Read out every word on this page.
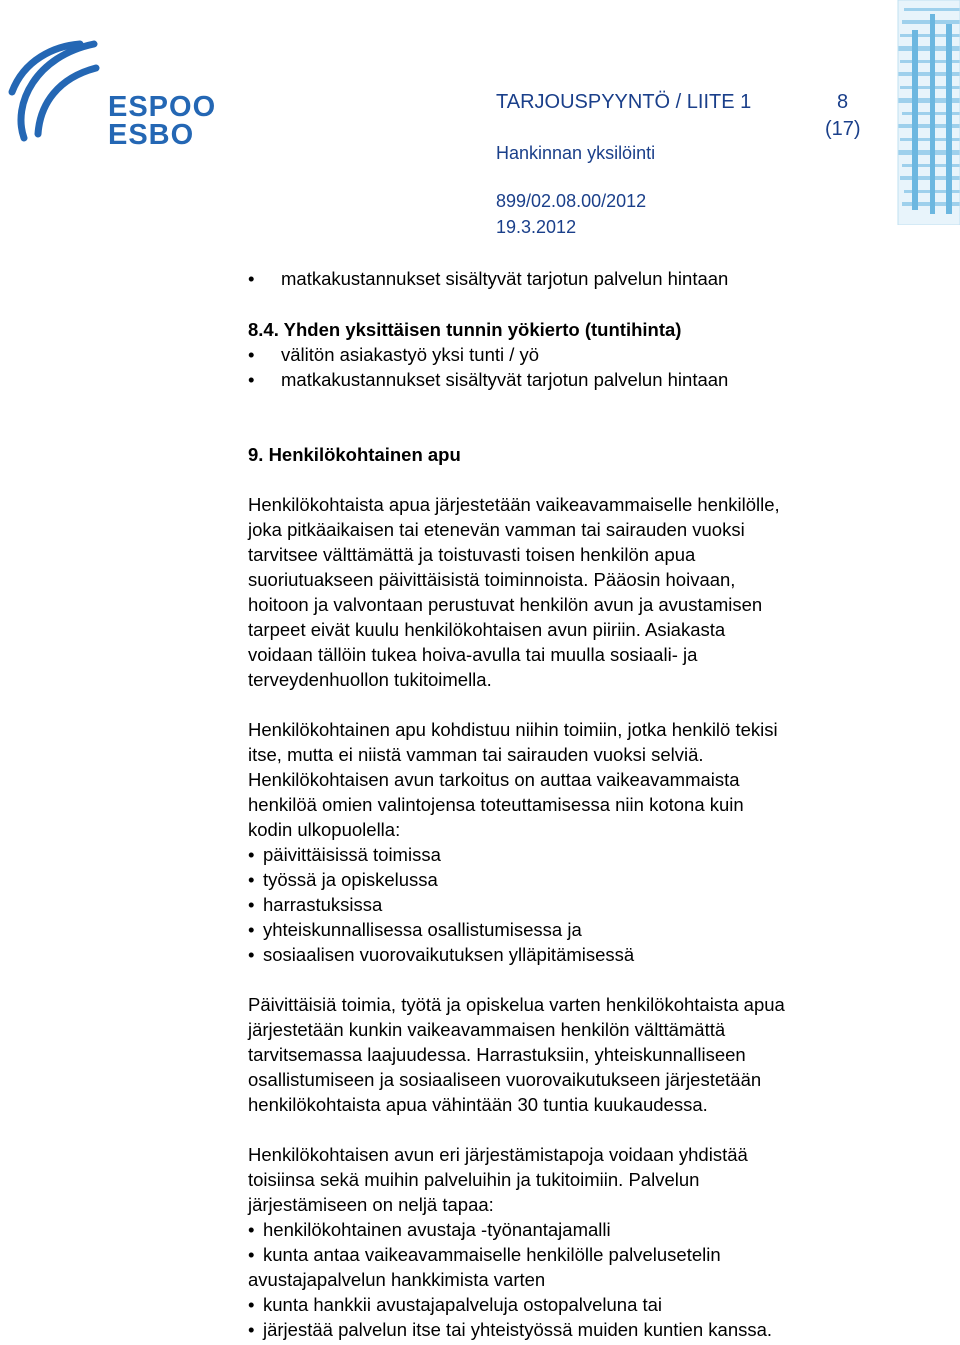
ESPOO
ESBO
TARJOUSPYYNTÖ / LIITE 1	8
(17)
Hankinnan yksilöinti
899/02.08.00/2012
19.3.2012
• matkakustannukset sisältyvät tarjotun palvelun hintaan
8.4. Yhden yksittäisen tunnin yökierto (tuntihinta)
• välitön asiakastyö yksi tunti / yö
• matkakustannukset sisältyvät tarjotun palvelun hintaan
9. Henkilökohtainen apu
Henkilökohtaista apua järjestetään vaikeavammaiselle henkilölle,
joka pitkäaikaisen tai etenevän vamman tai sairauden vuoksi
tarvitsee välttämättä ja toistuvasti toisen henkilön apua
suoriutuakseen päivittäisistä toiminnoista. Pääosin hoivaan,
hoitoon ja valvontaan perustuvat henkilön avun ja avustamisen
tarpeet eivät kuulu henkilökohtaisen avun piiriin. Asiakasta
voidaan tällöin tukea hoiva-avulla tai muulla sosiaali- ja
terveydenhuollon tukitoimella.
Henkilökohtainen apu kohdistuu niihin toimiin, jotka henkilö tekisi
itse, mutta ei niistä vamman tai sairauden vuoksi selviä.
Henkilökohtaisen avun tarkoitus on auttaa vaikeavammaista
henkilöä omien valintojensa toteuttamisessa niin kotona kuin
kodin ulkopuolella:
• päivittäisissä toimissa
• työssä ja opiskelussa
• harrastuksissa
• yhteiskunnallisessa osallistumisessa ja
• sosiaalisen vuorovaikutuksen ylläpitämisessä
Päivittäisiä toimia, työtä ja opiskelua varten henkilökohtaista apua
järjestetään kunkin vaikeavammaisen henkilön välttämättä
tarvitsemassa laajuudessa. Harrastuksiin, yhteiskunnalliseen
osallistumiseen ja sosiaaliseen vuorovaikutukseen järjestetään
henkilökohtaista apua vähintään 30 tuntia kuukaudessa.
Henkilökohtaisen avun eri järjestämistapoja voidaan yhdistää
toisiinsa sekä muihin palveluihin ja tukitoimiin. Palvelun
järjestämiseen on neljä tapaa:
• henkilökohtainen avustaja -työnantajamalli
• kunta antaa vaikeavammaiselle henkilölle palvelusetelin
avustajapalvelun hankkimista varten
• kunta hankkii avustajapalveluja ostopalveluna tai
• järjestää palvelun itse tai yhteistyössä muiden kuntien kanssa.
